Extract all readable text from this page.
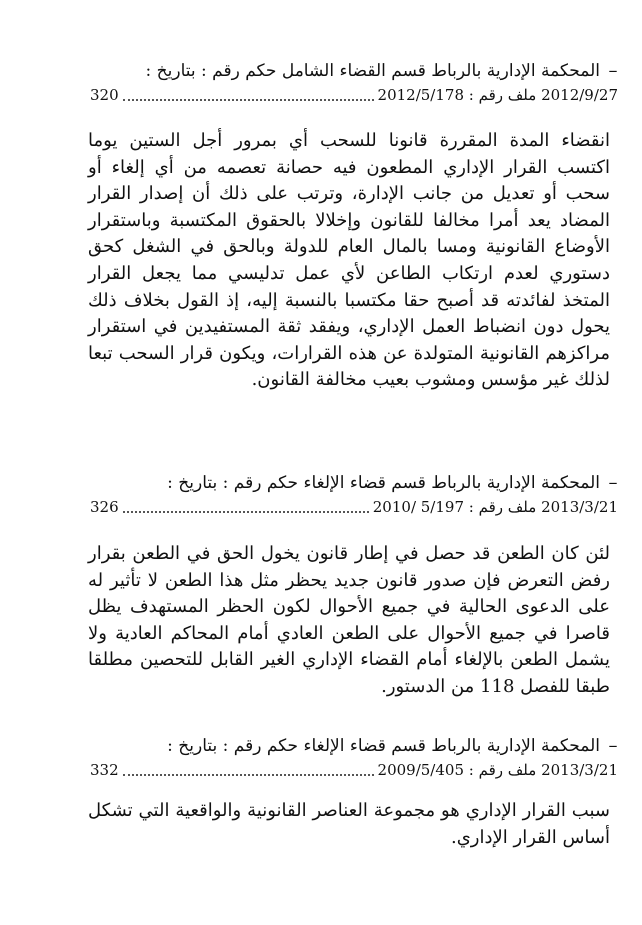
–
المحكمة الإدارية بالرباط قسم القضاء الشامل حكم رقم : بتاريخ :
320	2012/9/27 ملف رقم : 2012/5/178
انقضاء المدة المقررة قانونا للسحب أي بمرور أجل الستين يوما اكتسب القرار الإداري المطعون فيه حصانة تعصمه من أي إلغاء أو سحب أو تعديل من جانب الإدارة، وترتب على ذلك أن إصدار القرار المضاد يعد أمرا مخالفا للقانون وإخلالا بالحقوق المكتسبة وباستقرار الأوضاع القانونية ومسا بالمال العام للدولة وبالحق في الشغل كحق دستوري لعدم ارتكاب الطاعن لأي عمل تدليسي مما يجعل القرار المتخذ لفائدته قد أصبح حقا مكتسبا بالنسبة إليه، إذ القول بخلاف ذلك يحول دون انضباط العمل الإداري، ويفقد ثقة المستفيدين في استقرار مراكزهم القانونية المتولدة عن هذه القرارات، ويكون قرار السحب تبعا لذلك غير مؤسس ومشوب بعيب مخالفة القانون.
–
المحكمة الإدارية بالرباط قسم قضاء الإلغاء حكم رقم : بتاريخ :
326	2013/3/21 ملف رقم : 2010/ 5/197
لئن كان الطعن قد حصل في إطار قانون يخول الحق في الطعن بقرار رفض التعرض فإن صدور قانون جديد يحظر مثل هذا الطعن لا تأثير له على الدعوى الحالية في جميع الأحوال لكون الحظر المستهدف يظل قاصرا في جميع الأحوال على الطعن العادي أمام المحاكم العادية ولا يشمل الطعن بالإلغاء أمام القضاء الإداري الغير القابل للتحصين مطلقا طبقا للفصل 118 من الدستور.
–
المحكمة الإدارية بالرباط قسم قضاء الإلغاء حكم رقم : بتاريخ :
332	2013/3/21 ملف رقم : 2009/5/405
سبب القرار الإداري هو مجموعة العناصر القانونية والواقعية التي تشكل أساس القرار الإداري.
